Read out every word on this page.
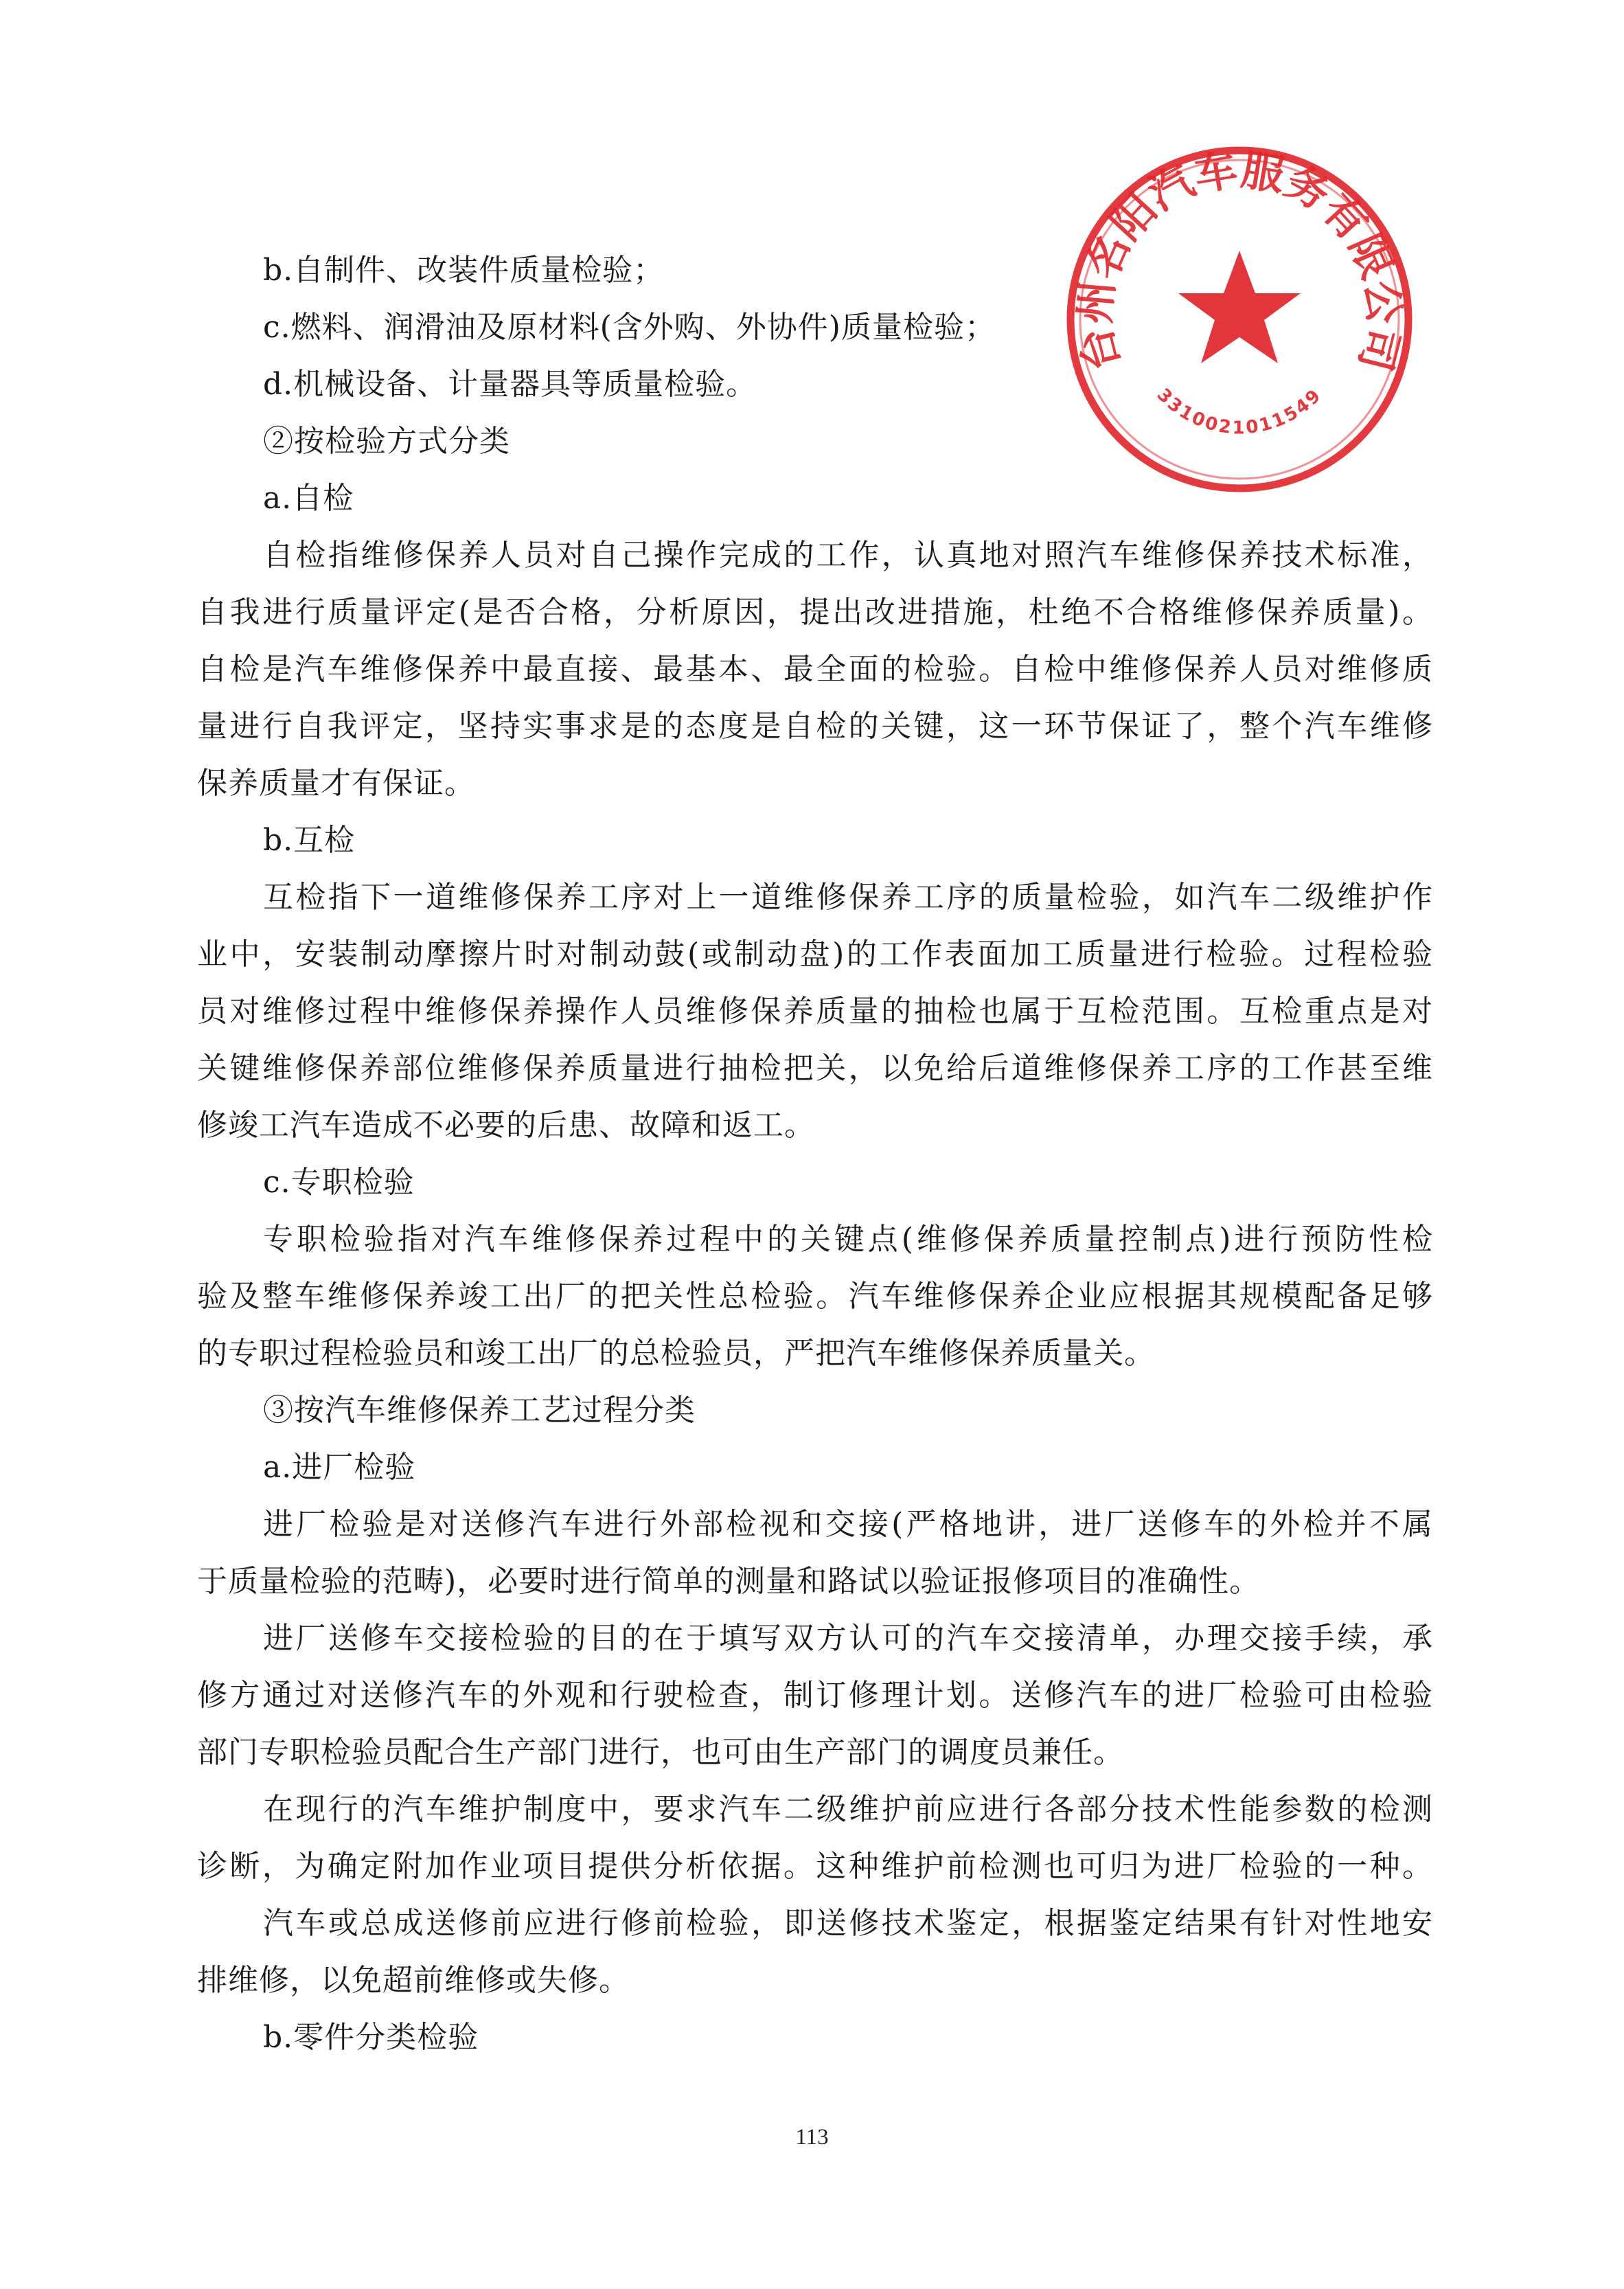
b.自制件、改装件质量检验；
c.燃料、润滑油及原材料(含外购、外协件)质量检验；
d.机械设备、计量器具等质量检验。
②按检验方式分类
a.自检
自检指维修保养人员对自己操作完成的工作，认真地对照汽车维修保养技术标准，
自我进行质量评定(是否合格，分析原因，提出改进措施，杜绝不合格维修保养质量)。
自检是汽车维修保养中最直接、最基本、最全面的检验。自检中维修保养人员对维修质
量进行自我评定，坚持实事求是的态度是自检的关键，这一环节保证了，整个汽车维修
保养质量才有保证。
b.互检
互检指下一道维修保养工序对上一道维修保养工序的质量检验，如汽车二级维护作
业中，安装制动摩擦片时对制动鼓(或制动盘)的工作表面加工质量进行检验。过程检验
员对维修过程中维修保养操作人员维修保养质量的抽检也属于互检范围。互检重点是对
关键维修保养部位维修保养质量进行抽检把关，以免给后道维修保养工序的工作甚至维
修竣工汽车造成不必要的后患、故障和返工。
c.专职检验
专职检验指对汽车维修保养过程中的关键点(维修保养质量控制点)进行预防性检
验及整车维修保养竣工出厂的把关性总检验。汽车维修保养企业应根据其规模配备足够
的专职过程检验员和竣工出厂的总检验员，严把汽车维修保养质量关。
③按汽车维修保养工艺过程分类
a.进厂检验
进厂检验是对送修汽车进行外部检视和交接(严格地讲，进厂送修车的外检并不属
于质量检验的范畴)，必要时进行简单的测量和路试以验证报修项目的准确性。
进厂送修车交接检验的目的在于填写双方认可的汽车交接清单，办理交接手续，承
修方通过对送修汽车的外观和行驶检查，制订修理计划。送修汽车的进厂检验可由检验
部门专职检验员配合生产部门进行，也可由生产部门的调度员兼任。
在现行的汽车维护制度中，要求汽车二级维护前应进行各部分技术性能参数的检测
诊断，为确定附加作业项目提供分析依据。这种维护前检测也可归为进厂检验的一种。
汽车或总成送修前应进行修前检验，即送修技术鉴定，根据鉴定结果有针对性地安
排维修，以免超前维修或失修。
b.零件分类检验
113
台州名阳汽车服务有限公司
3310021011549
